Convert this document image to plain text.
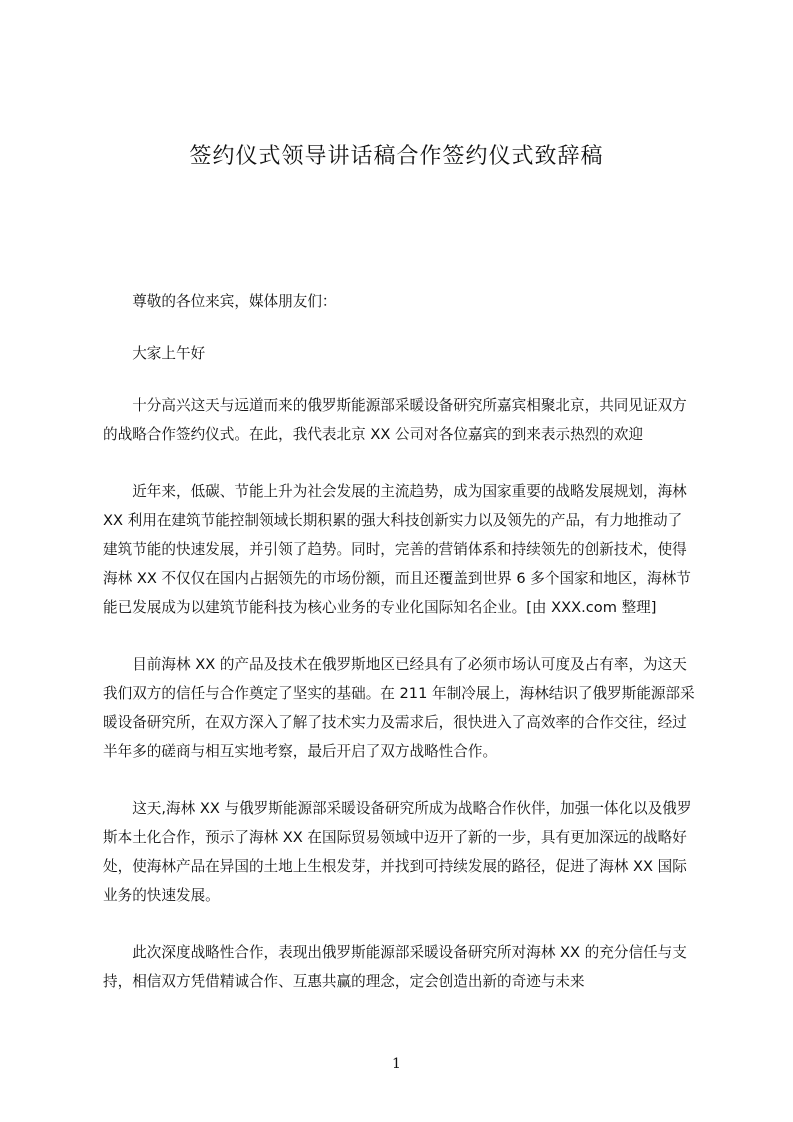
签约仪式领导讲话稿合作签约仪式致辞稿

尊敬的各位来宾，媒体朋友们：

大家上午好

十分高兴这天与远道而来的俄罗斯能源部采暖设备研究所嘉宾相聚北京，共同见证双方的战略合作签约仪式。在此，我代表北京 XX 公司对各位嘉宾的到来表示热烈的欢迎

近年来，低碳、节能上升为社会发展的主流趋势，成为国家重要的战略发展规划，海林 XX 利用在建筑节能控制领域长期积累的强大科技创新实力以及领先的产品，有力地推动了建筑节能的快速发展，并引领了趋势。同时，完善的营销体系和持续领先的创新技术，使得海林 XX 不仅仅在国内占据领先的市场份额，而且还覆盖到世界 6 多个国家和地区，海林节能已发展成为以建筑节能科技为核心业务的专业化国际知名企业。[由 XXX.com 整理]

目前海林 XX 的产品及技术在俄罗斯地区已经具有了必须市场认可度及占有率，为这天我们双方的信任与合作奠定了坚实的基础。在 211 年制冷展上，海林结识了俄罗斯能源部采暖设备研究所，在双方深入了解了技术实力及需求后，很快进入了高效率的合作交往，经过半年多的磋商与相互实地考察，最后开启了双方战略性合作。

这天,海林 XX 与俄罗斯能源部采暖设备研究所成为战略合作伙伴，加强一体化以及俄罗斯本土化合作，预示了海林 XX 在国际贸易领域中迈开了新的一步，具有更加深远的战略好处，使海林产品在异国的土地上生根发芽，并找到可持续发展的路径，促进了海林 XX 国际业务的快速发展。

此次深度战略性合作，表现出俄罗斯能源部采暖设备研究所对海林 XX 的充分信任与支持，相信双方凭借精诚合作、互惠共赢的理念，定会创造出新的奇迹与未来

1
